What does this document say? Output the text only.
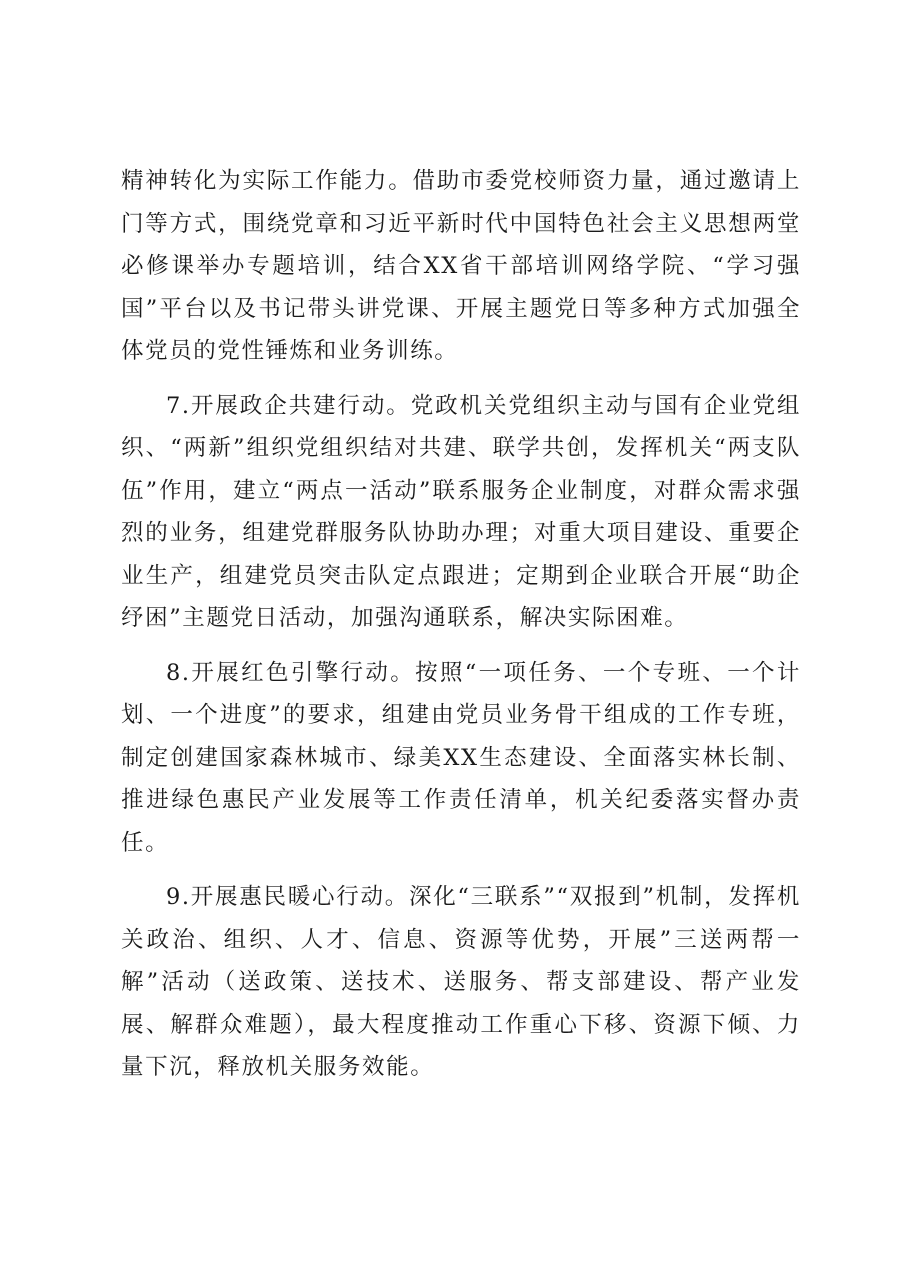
精神转化为实际工作能力。借助市委党校师资力量，通过邀请上门等方式，围绕党章和习近平新时代中国特色社会主义思想两堂必修课举办专题培训，结合XX省干部培训网络学院、“学习强国”平台以及书记带头讲党课、开展主题党日等多种方式加强全体党员的党性锤炼和业务训练。

7.开展政企共建行动。党政机关党组织主动与国有企业党组织、“两新”组织党组织结对共建、联学共创，发挥机关“两支队伍”作用，建立“两点一活动”联系服务企业制度，对群众需求强烈的业务，组建党群服务队协助办理；对重大项目建设、重要企业生产，组建党员突击队定点跟进；定期到企业联合开展“助企纾困”主题党日活动，加强沟通联系，解决实际困难。

8.开展红色引擎行动。按照“一项任务、一个专班、一个计划、一个进度”的要求，组建由党员业务骨干组成的工作专班，制定创建国家森林城市、绿美XX生态建设、全面落实林长制、推进绿色惠民产业发展等工作责任清单，机关纪委落实督办责任。

9.开展惠民暖心行动。深化“三联系”“双报到”机制，发挥机关政治、组织、人才、信息、资源等优势，开展”三送两帮一解”活动（送政策、送技术、送服务、帮支部建设、帮产业发展、解群众难题），最大程度推动工作重心下移、资源下倾、力量下沉，释放机关服务效能。
